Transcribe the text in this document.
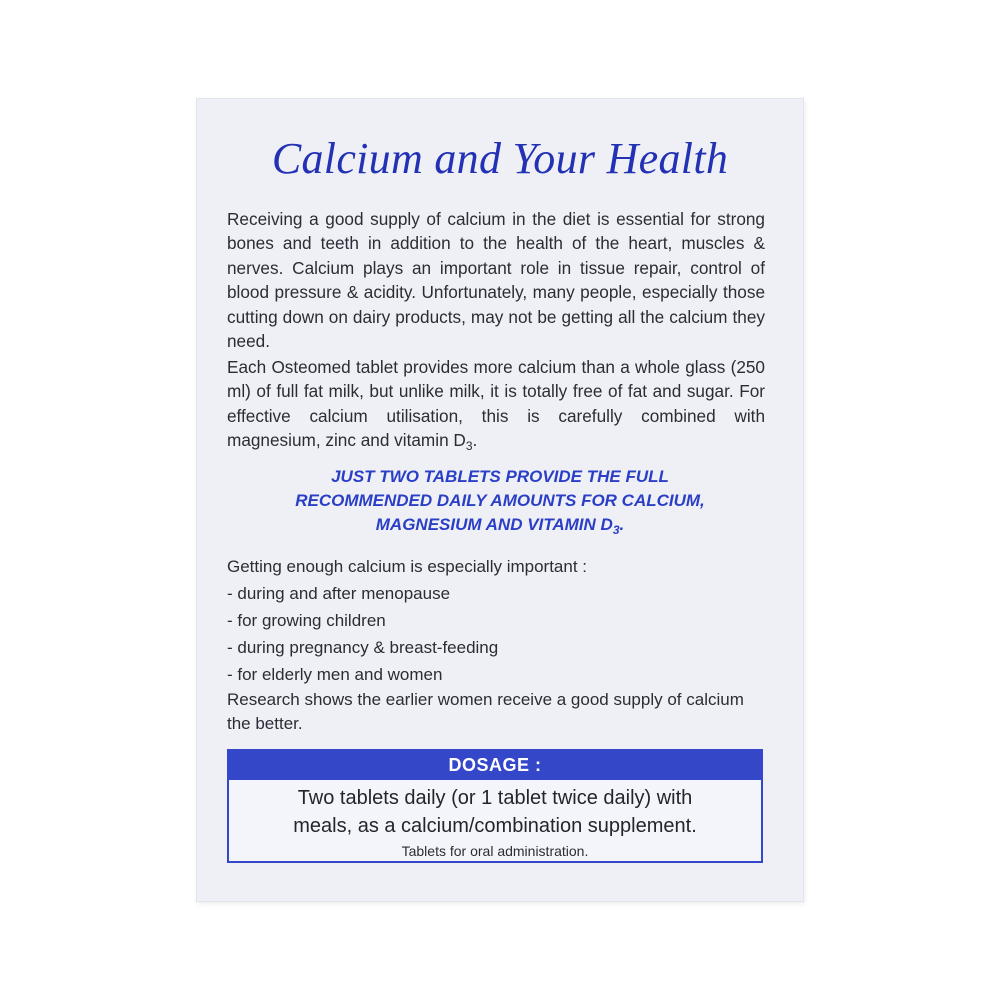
Calcium and Your Health

Receiving a good supply of calcium in the diet is essential for strong bones and teeth in addition to the health of the heart, muscles & nerves. Calcium plays an important role in tissue repair, control of blood pressure & acidity. Unfortunately, many people, especially those cutting down on dairy products, may not be getting all the calcium they need.

Each Osteomed tablet provides more calcium than a whole glass (250 ml) of full fat milk, but unlike milk, it is totally free of fat and sugar. For effective calcium utilisation, this is carefully combined with magnesium, zinc and vitamin $D_3$.

JUST TWO TABLETS PROVIDE THE FULL
RECOMMENDED DAILY AMOUNTS FOR CALCIUM,
MAGNESIUM AND VITAMIN $D_3$.

Getting enough calcium is especially important :

- during and after menopause
- for growing children
- during pregnancy & breast-feeding
- for elderly men and women

Research shows the earlier women receive a good supply of calcium the better.

DOSAGE :

Two tablets daily (or 1 tablet twice daily) with
meals, as a calcium/combination supplement.

Tablets for oral administration.
